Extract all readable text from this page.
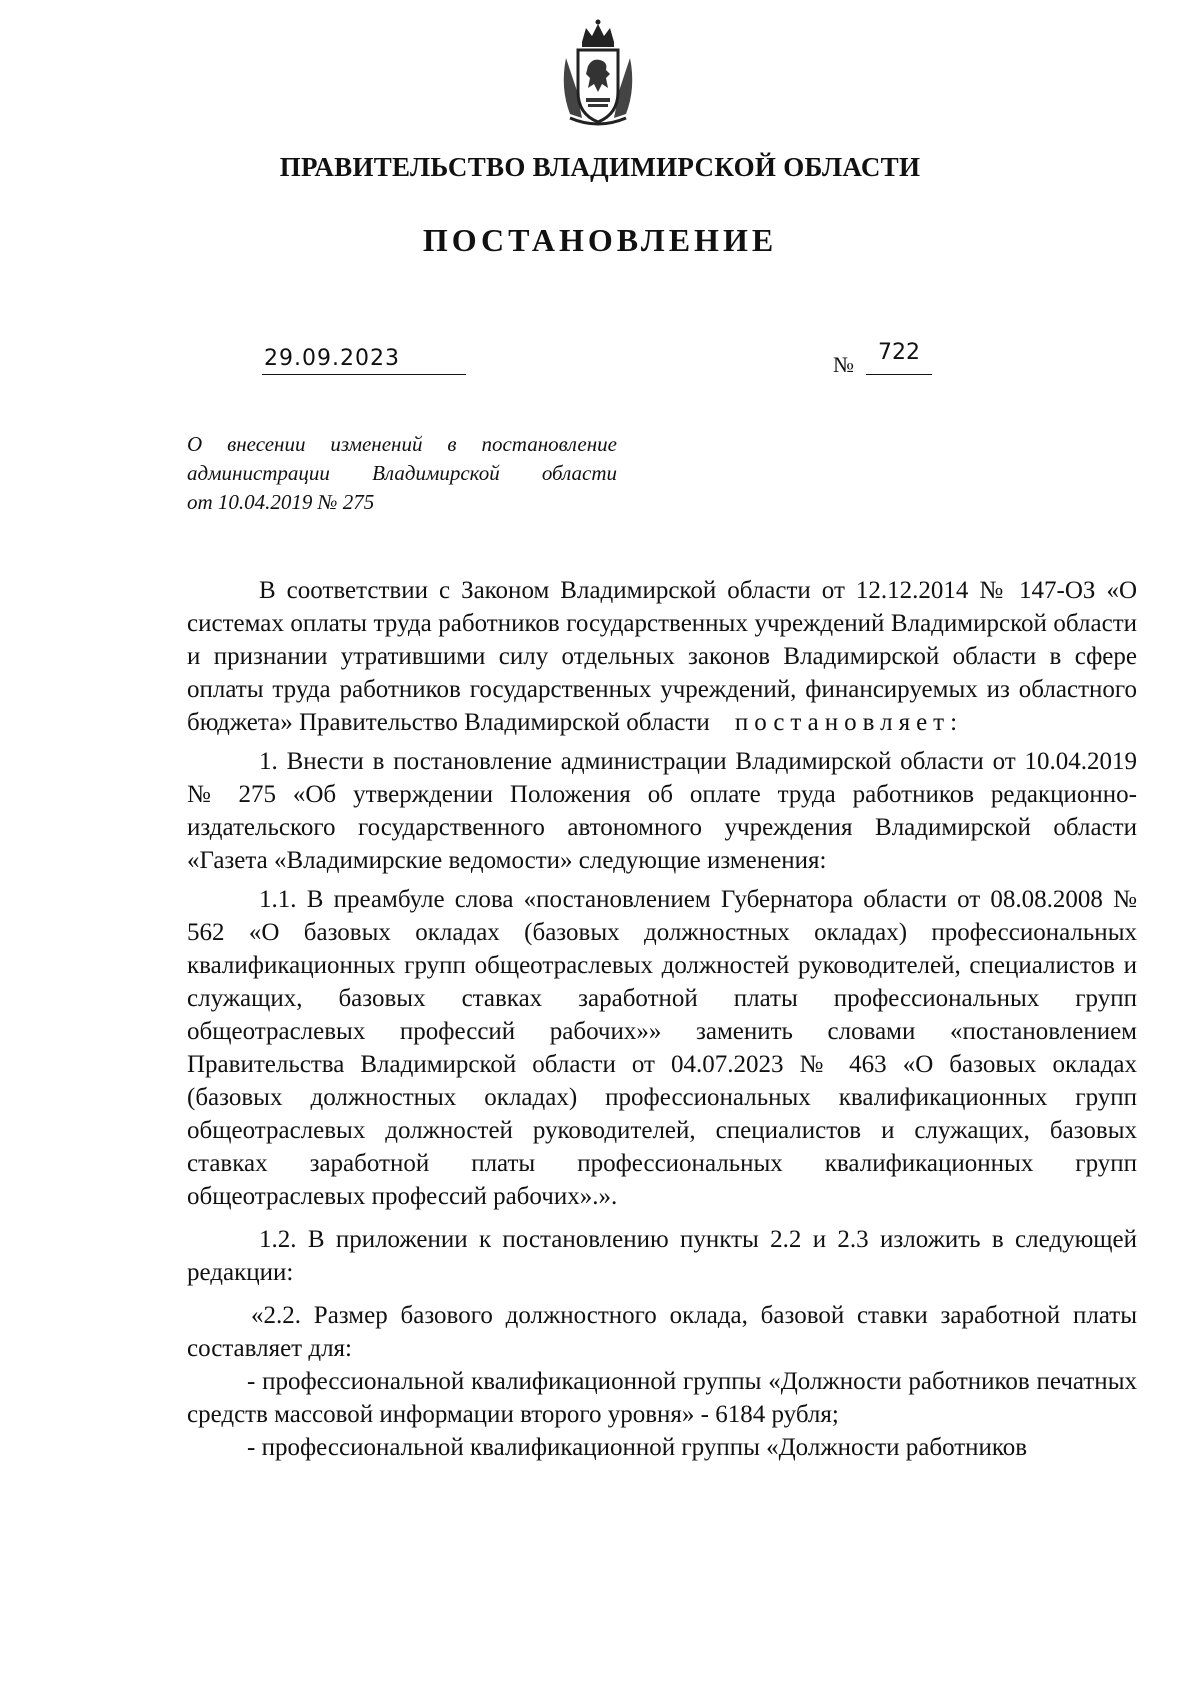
ПРАВИТЕЛЬСТВО ВЛАДИМИРСКОЙ ОБЛАСТИ
ПОСТАНОВЛЕНИЕ
29.09.2023	№ 722
О внесении изменений в постановление
администрации Владимирской области
от 10.04.2019 № 275

В соответствии с Законом Владимирской области от 12.12.2014 № 147-ОЗ «О системах оплаты труда работников государственных учреждений Владимирской области и признании утратившими силу отдельных законов Владимирской области в сфере оплаты труда работников государственных учреждений, финансируемых из областного бюджета» Правительство Владимирской области постановляет:

1. Внести в постановление администрации Владимирской области от 10.04.2019 № 275 «Об утверждении Положения об оплате труда работников редакционно-издательского государственного автономного учреждения Владимирской области «Газета «Владимирские ведомости» следующие изменения:

1.1. В преамбуле слова «постановлением Губернатора области от 08.08.2008 № 562 «О базовых окладах (базовых должностных окладах) профессиональных квалификационных групп общеотраслевых должностей руководителей, специалистов и служащих, базовых ставках заработной платы профессиональных групп общеотраслевых профессий рабочих»» заменить словами «постановлением Правительства Владимирской области от 04.07.2023 № 463 «О базовых окладах (базовых должностных окладах) профессиональных квалификационных групп общеотраслевых должностей руководителей, специалистов и служащих, базовых ставках заработной платы профессиональных квалификационных групп общеотраслевых профессий рабочих».».

1.2. В приложении к постановлению пункты 2.2 и 2.3 изложить в следующей редакции:

«2.2. Размер базового должностного оклада, базовой ставки заработной платы составляет для:

- профессиональной квалификационной группы «Должности работников печатных средств массовой информации второго уровня» - 6184 рубля;

- профессиональной квалификационной группы «Должности работников
